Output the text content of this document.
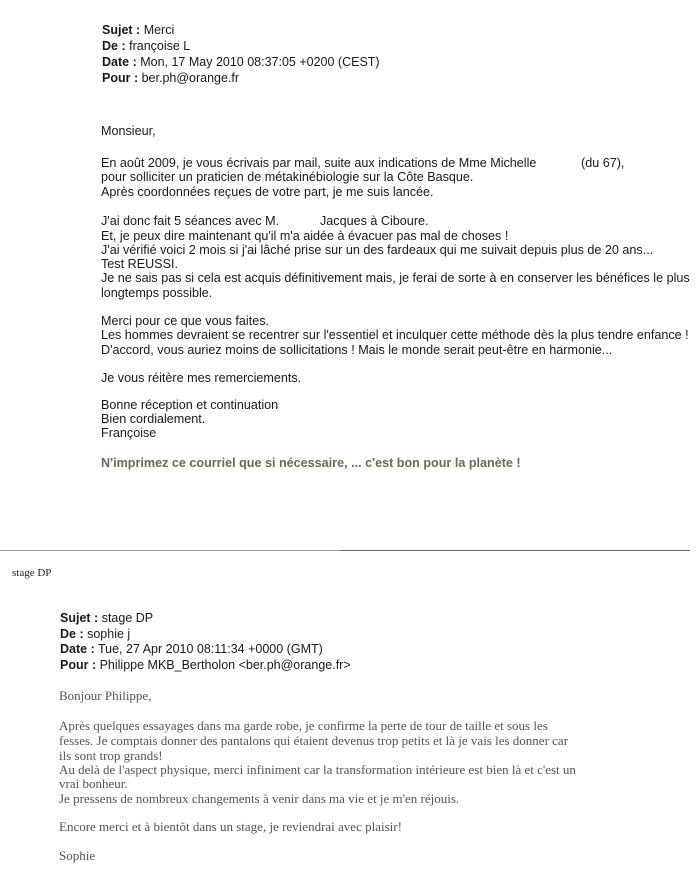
Sujet : Merci
De : françoise L
Date : Mon, 17 May 2010 08:37:05 +0200 (CEST)
Pour : ber.ph@orange.fr
Monsieur,
En août 2009, je vous écrivais par mail, suite aux indications de Mme Michelle	(du 67),
pour solliciter un praticien de métakinébiologie sur la Côte Basque.
Après coordonnées reçues de votre part, je me suis lancée.
J'ai donc fait 5 séances avec M.	Jacques à Ciboure.
Et, je peux dire maintenant qu'il m'a aidée à évacuer pas mal de choses !
J'ai vérifié voici 2 mois si j'ai lâché prise sur un des fardeaux qui me suivait depuis plus de 20 ans...
Test REUSSI.
Je ne sais pas si cela est acquis définitivement mais, je ferai de sorte à en conserver les bénéfices le plus
longtemps possible.
Merci pour ce que vous faites.
Les hommes devraient se recentrer sur l'essentiel et inculquer cette méthode dès la plus tendre enfance !
D'accord, vous auriez moins de sollicitations ! Mais le monde serait peut-être en harmonie...
Je vous réitère mes remerciements.
Bonne réception et continuation
Bien cordialement.
Françoise
N'imprimez ce courriel que si nécessaire, ... c'est bon pour la planète !
stage DP
Sujet : stage DP
De : sophie j
Date : Tue, 27 Apr 2010 08:11:34 +0000 (GMT)
Pour : Philippe MKB_Bertholon <ber.ph@orange.fr>
Bonjour Philippe,
Après quelques essayages dans ma garde robe, je confirme la perte de tour de taille et sous les
fesses. Je comptais donner des pantalons qui étaient devenus trop petits et là je vais les donner car
ils sont trop grands!
Au delà de l'aspect physique, merci infiniment car la transformation intérieure est bien là et c'est un
vrai bonheur.
Je pressens de nombreux changements à venir dans ma vie et je m'en réjouis.
Encore merci et à bientôt dans un stage, je reviendrai avec plaisir!
Sophie
